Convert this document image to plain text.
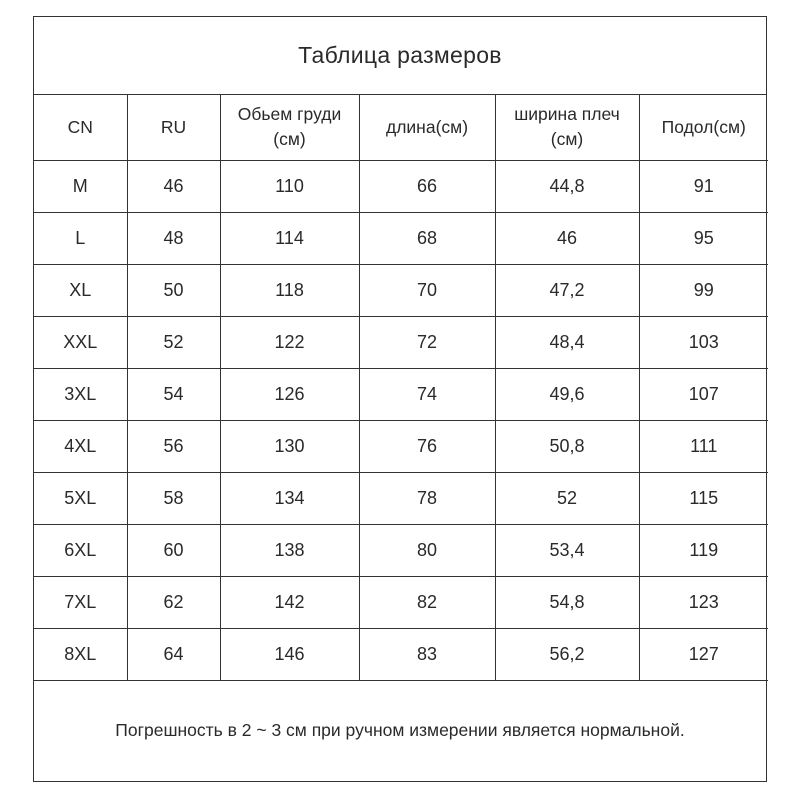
Таблица размеров
CN	RU	Обьем груди (см)	длина(см)	ширина плеч (см)	Подол(см)
M	46	110	66	44,8	91
L	48	114	68	46	95
XL	50	118	70	47,2	99
XXL	52	122	72	48,4	103
3XL	54	126	74	49,6	107
4XL	56	130	76	50,8	111
5XL	58	134	78	52	115
6XL	60	138	80	53,4	119
7XL	62	142	82	54,8	123
8XL	64	146	83	56,2	127
Погрешность в 2 ~ 3 см при ручном измерении является нормальной.
